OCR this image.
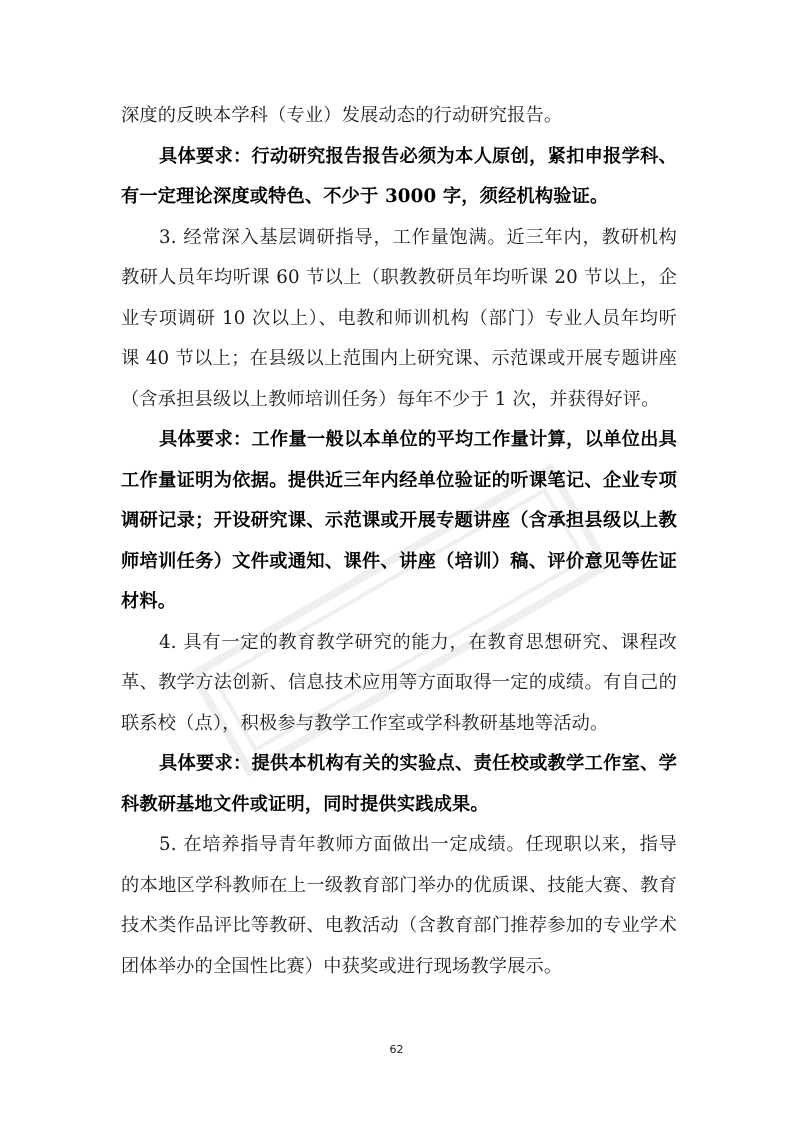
深度的反映本学科（专业）发展动态的行动研究报告。

具体要求：行动研究报告报告必须为本人原创，紧扣申报学科、有一定理论深度或特色、不少于 3000 字，须经机构验证。

3. 经常深入基层调研指导，工作量饱满。近三年内，教研机构教研人员年均听课 60 节以上（职教教研员年均听课 20 节以上，企业专项调研 10 次以上）、电教和师训机构（部门）专业人员年均听课 40 节以上；在县级以上范围内上研究课、示范课或开展专题讲座（含承担县级以上教师培训任务）每年不少于 1 次，并获得好评。

具体要求：工作量一般以本单位的平均工作量计算，以单位出具工作量证明为依据。提供近三年内经单位验证的听课笔记、企业专项调研记录；开设研究课、示范课或开展专题讲座（含承担县级以上教师培训任务）文件或通知、课件、讲座（培训）稿、评价意见等佐证材料。

4. 具有一定的教育教学研究的能力，在教育思想研究、课程改革、教学方法创新、信息技术应用等方面取得一定的成绩。有自己的联系校（点），积极参与教学工作室或学科教研基地等活动。

具体要求：提供本机构有关的实验点、责任校或教学工作室、学科教研基地文件或证明，同时提供实践成果。

5. 在培养指导青年教师方面做出一定成绩。任现职以来，指导的本地区学科教师在上一级教育部门举办的优质课、技能大赛、教育技术类作品评比等教研、电教活动（含教育部门推荐参加的专业学术团体举办的全国性比赛）中获奖或进行现场教学展示。

62
